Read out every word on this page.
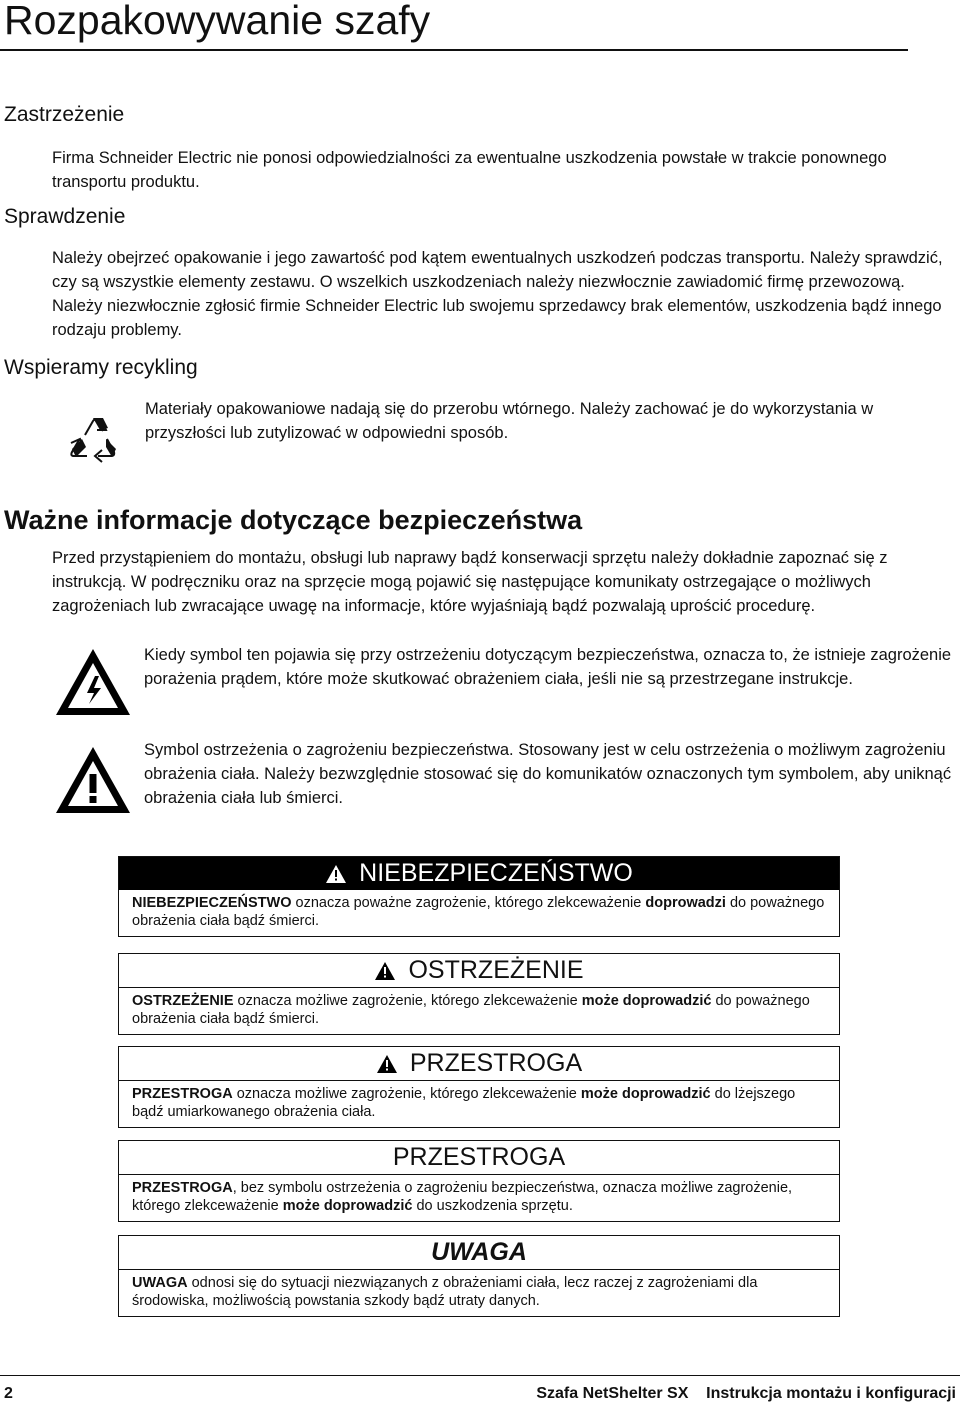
Rozpakowywanie szafy
Zastrzeżenie

Firma Schneider Electric nie ponosi odpowiedzialności za ewentualne uszkodzenia powstałe w trakcie ponownego transportu produktu.

Sprawdzenie

Należy obejrzeć opakowanie i jego zawartość pod kątem ewentualnych uszkodzeń podczas transportu. Należy sprawdzić, czy są wszystkie elementy zestawu. O wszelkich uszkodzeniach należy niezwłocznie zawiadomić firmę przewozową. Należy niezwłocznie zgłosić firmie Schneider Electric lub swojemu sprzedawcy brak elementów, uszkodzenia bądź innego rodzaju problemy.

Wspieramy recykling

Materiały opakowaniowe nadają się do przerobu wtórnego. Należy zachować je do wykorzystania w przyszłości lub zutylizować w odpowiedni sposób.

Ważne informacje dotyczące bezpieczeństwa

Przed przystąpieniem do montażu, obsługi lub naprawy bądź konserwacji sprzętu należy dokładnie zapoznać się z instrukcją. W podręczniku oraz na sprzęcie mogą pojawić się następujące komunikaty ostrzegające o możliwych zagrożeniach lub zwracające uwagę na informacje, które wyjaśniają bądź pozwalają uprościć procedurę.

Kiedy symbol ten pojawia się przy ostrzeżeniu dotyczącym bezpieczeństwa, oznacza to, że istnieje zagrożenie porażenia prądem, które może skutkować obrażeniem ciała, jeśli nie są przestrzegane instrukcje.

Symbol ostrzeżenia o zagrożeniu bezpieczeństwa. Stosowany jest w celu ostrzeżenia o możliwym zagrożeniu obrażenia ciała. Należy bezwzględnie stosować się do komunikatów oznaczonych tym symbolem, aby uniknąć obrażenia ciała lub śmierci.

NIEBEZPIECZEŃSTWO
NIEBEZPIECZEŃSTWO oznacza poważne zagrożenie, którego zlekceważenie doprowadzi do poważnego obrażenia ciała bądź śmierci.
OSTRZEŻENIE
OSTRZEŻENIE oznacza możliwe zagrożenie, którego zlekceważenie może doprowadzić do poważnego obrażenia ciała bądź śmierci.
PRZESTROGA
PRZESTROGA oznacza możliwe zagrożenie, którego zlekceważenie może doprowadzić do lżejszego bądź umiarkowanego obrażenia ciała.
PRZESTROGA
PRZESTROGA, bez symbolu ostrzeżenia o zagrożeniu bezpieczeństwa, oznacza możliwe zagrożenie, którego zlekceważenie może doprowadzić do uszkodzenia sprzętu.
UWAGA
UWAGA odnosi się do sytuacji niezwiązanych z obrażeniami ciała, lecz raczej z zagrożeniami dla środowiska, możliwością powstania szkody bądź utraty danych.
2	Szafa NetShelter SX    Instrukcja montażu i konfiguracji
